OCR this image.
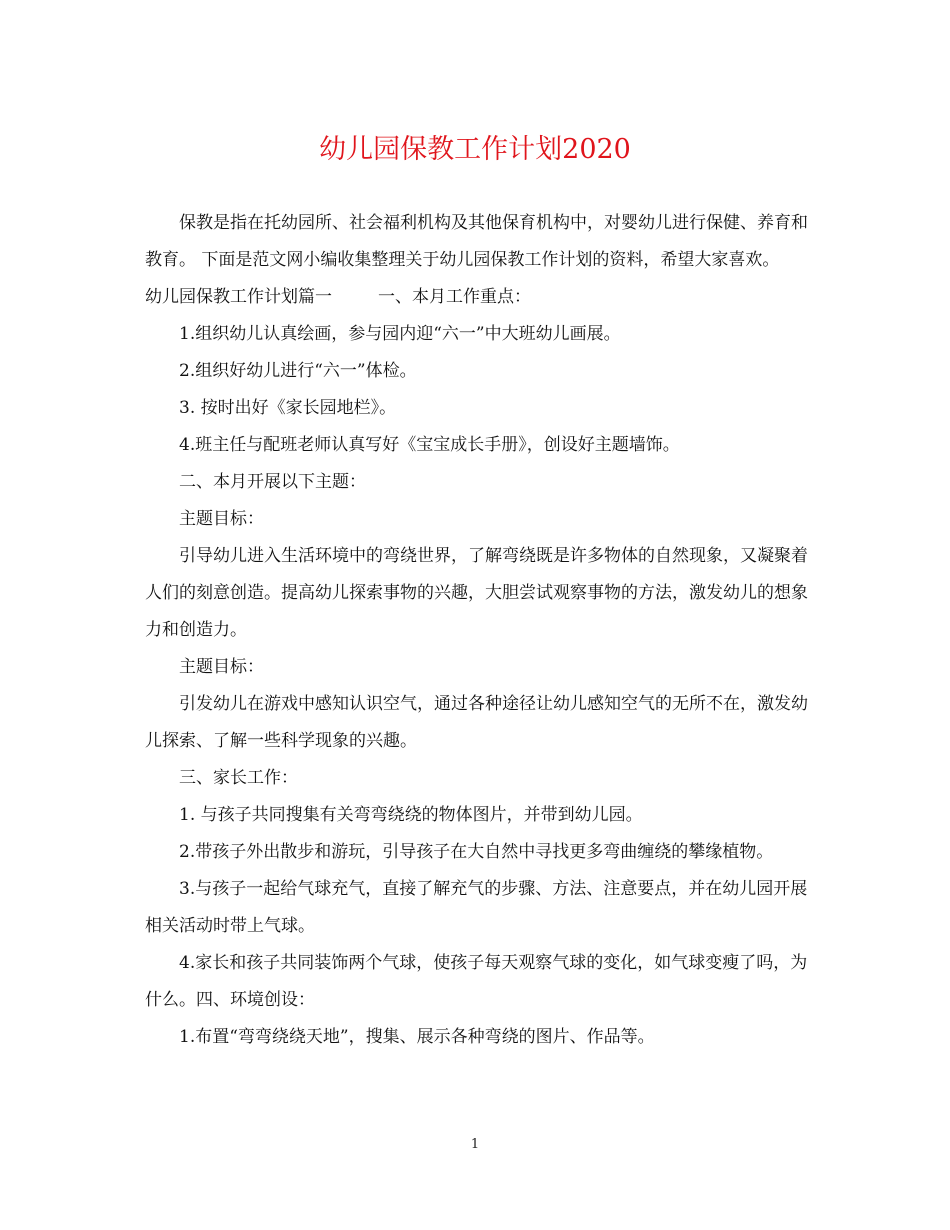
幼儿园保教工作计划2020

保教是指在托幼园所、社会福利机构及其他保育机构中，对婴幼儿进行保健、养育和教育。 下面是范文网小编收集整理关于幼儿园保教工作计划的资料，希望大家喜欢。

幼儿园保教工作计划篇一	一、本月工作重点：

1.组织幼儿认真绘画，参与园内迎“六一”中大班幼儿画展。

2.组织好幼儿进行“六一”体检。

3. 按时出好《家长园地栏》。

4.班主任与配班老师认真写好《宝宝成长手册》，创设好主题墙饰。

二、本月开展以下主题：

主题目标：

引导幼儿进入生活环境中的弯绕世界，了解弯绕既是许多物体的自然现象，又凝聚着人们的刻意创造。提高幼儿探索事物的兴趣，大胆尝试观察事物的方法，激发幼儿的想象力和创造力。

主题目标：

引发幼儿在游戏中感知认识空气，通过各种途径让幼儿感知空气的无所不在，激发幼儿探索、了解一些科学现象的兴趣。

三、家长工作：

1. 与孩子共同搜集有关弯弯绕绕的物体图片，并带到幼儿园。

2.带孩子外出散步和游玩，引导孩子在大自然中寻找更多弯曲缠绕的攀缘植物。

3.与孩子一起给气球充气，直接了解充气的步骤、方法、注意要点，并在幼儿园开展相关活动时带上气球。

4.家长和孩子共同装饰两个气球，使孩子每天观察气球的变化，如气球变瘦了吗，为什么。四、环境创设：

1.布置“弯弯绕绕天地”，搜集、展示各种弯绕的图片、作品等。

1
